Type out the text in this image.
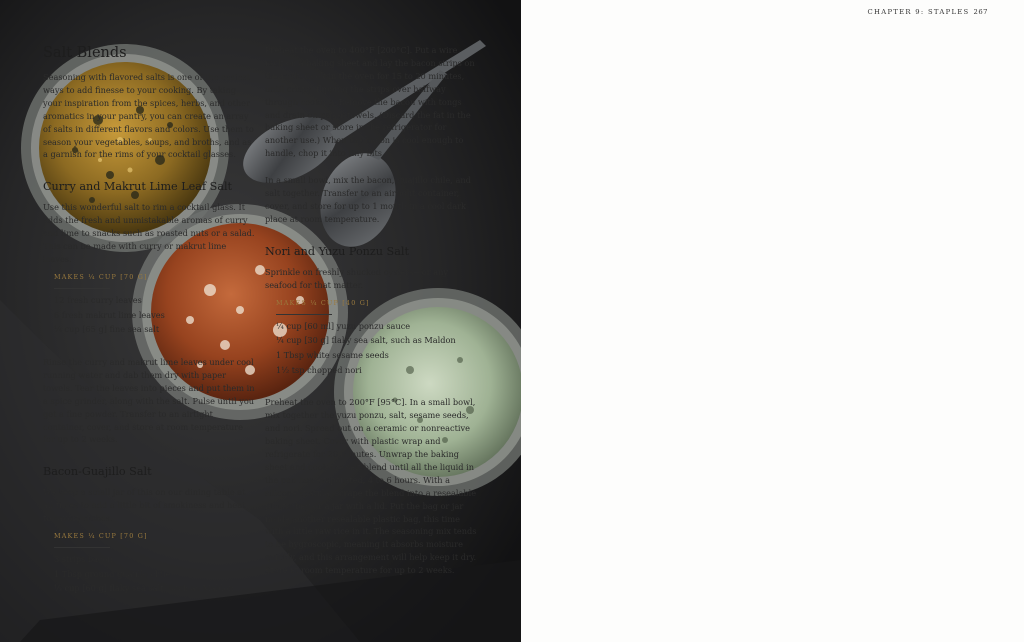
CHAPTER 9: STAPLES 267
Salt Blends

Seasoning with flavored salts is one of the easiest ways to add finesse to your cooking. By taking your inspiration from the spices, herbs, and other aromatics in your pantry, you can create an array of salts in different flavors and colors. Use them to season your vegetables, soups, and broths, and as a garnish for the rims of your cocktail glasses.

Curry and Makrut Lime Leaf Salt

Use this wonderful salt to rim a cocktail glass. It adds the fresh and unmistakable aromas of curry and lime to snacks such as roasted nuts or a salad. This can be made with curry or makrut lime leaves.

MAKES ¼ CUP [70 G]
12 fresh curry leaves
6 fresh makrut lime leaves
¼ cup [65 g] fine sea salt

Rinse the curry and makrut lime leaves under cool running water and dab them dry with paper towels. Tear the leaves into pieces and put them in a spice grinder, along with the salt. Pulse until you get a fine powder. Transfer to an airtight container, cover, and store at room temperature for up to 2 weeks.

Bacon-Guajillo Salt

We keep a small jar of this on our dining table at all times to add a little bit of smokiness and heat to savory dishes.

MAKES ¼ CUP [70 G]
3 strips bacon
1 Tbsp ground guajillo chile
⅓ cup [60 g] flaky sea salt, such as Maldon

Preheat the oven to 400°F [200°C]. Put a wire rack on a baking sheet and lay the bacon strips on the rack. Cook in the oven for 15 to 20 minutes, until crispy, flipping the strips over halfway through cooking. Remove the bacon with tongs and drain on paper towels. (Discard the fat in the baking sheet or store in the refrigerator for another use.) When the bacon is cool enough to handle, chop it into tiny bits.

In a small bowl, mix the bacon, guajillo chile, and salt together. Transfer to an airtight container, cover, and store for up to 1 month in a cool dark place at room temperature.

Nori and Yuzu Ponzu Salt

Sprinkle on freshly shucked oysters—or any seafood for that matter.

MAKES ¼ CUP [40 G]
¼ cup [60 ml] yuzu ponzu sauce
¼ cup [30 g] flaky sea salt, such as Maldon
1 Tbsp white sesame seeds
1½ tsp chopped nori

Preheat the oven to 200°F [95°C]. In a small bowl, mix together the yuzu ponzu, salt, sesame seeds, and nori. Spread out on a ceramic or nonreactive baking sheet. Cover with plastic wrap and refrigerate for 20 minutes. Unwrap the baking sheet and cook the salt blend until all the liquid in the pan has evaporated, 4 to 6 hours. With a silicone spatula, scrape the blend into a resealable plastic bag or a jar with a lid. Put the bag or jar inside another resealable plastic bag, this time with a little raw rice in it. The seasoning mix tends to be hygroscopic, meaning it absorbs moisture quickly, and this arrangement will help keep it dry. Store at room temperature for up to 2 weeks.
